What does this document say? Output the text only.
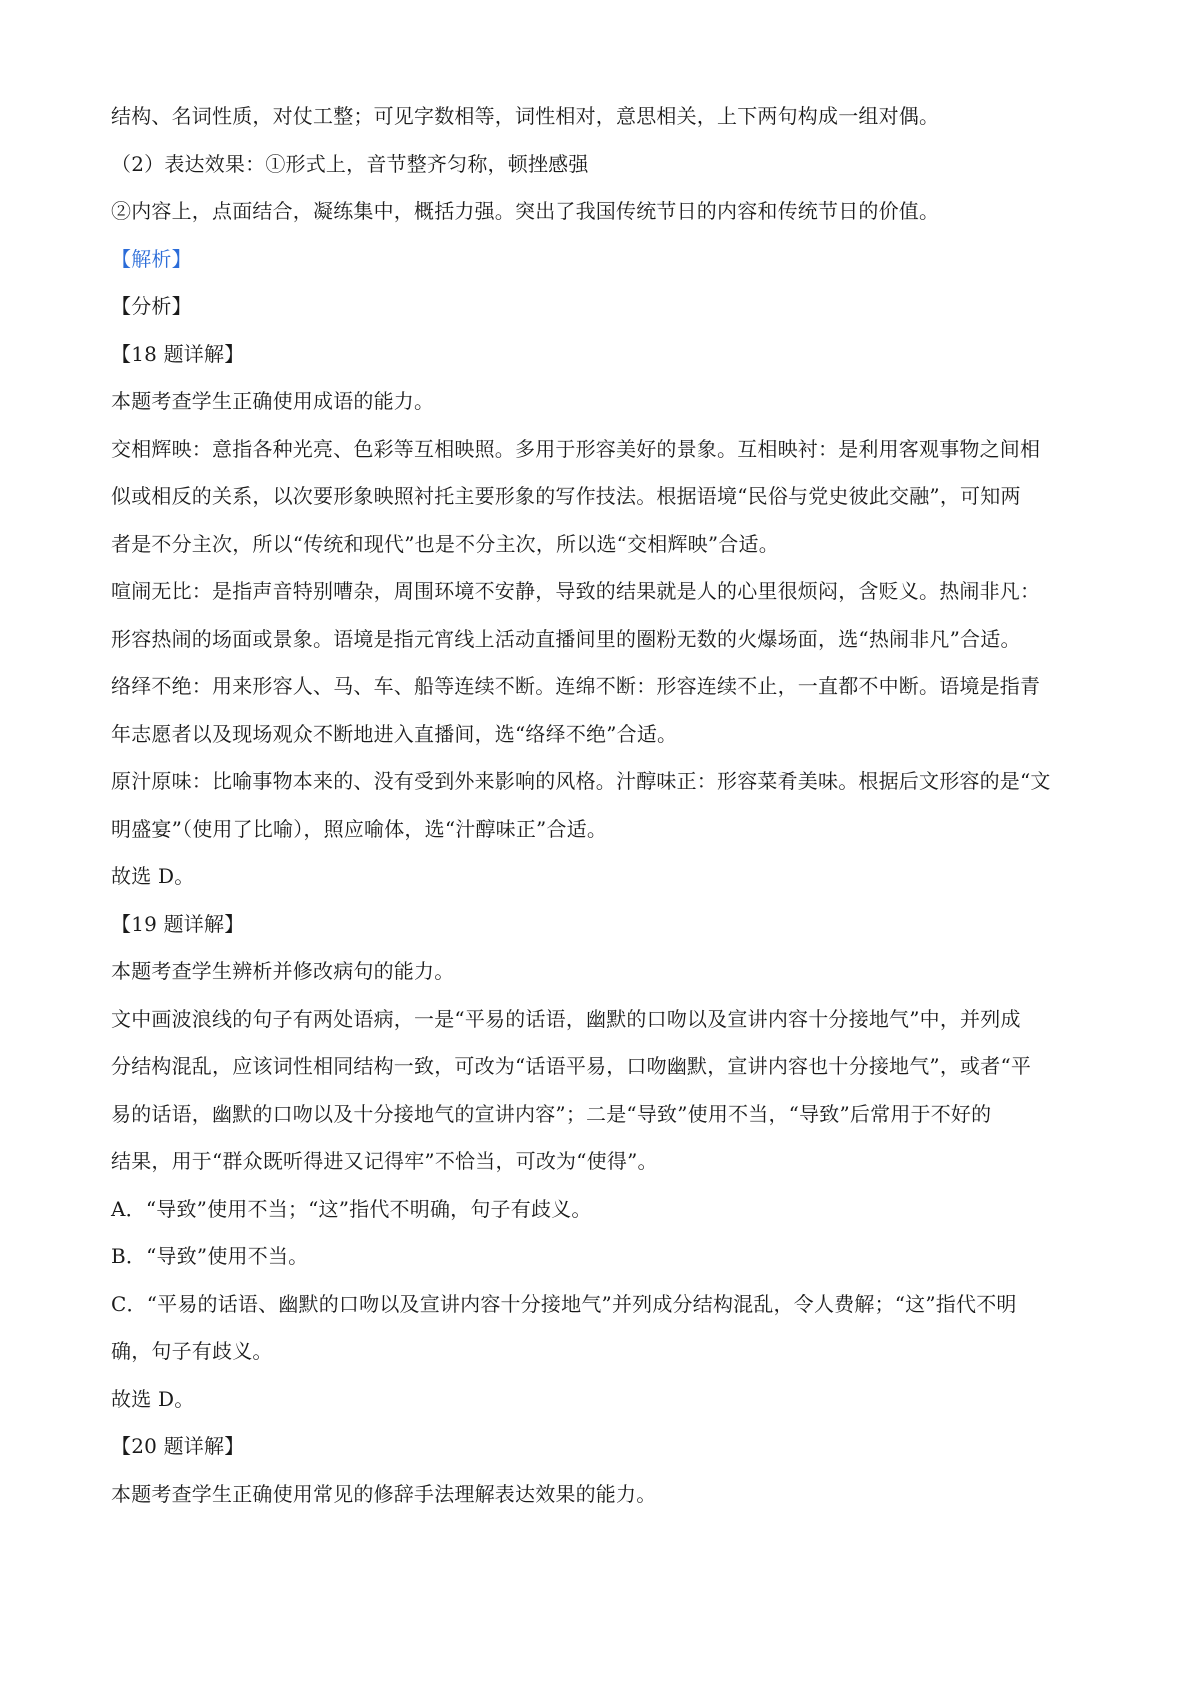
结构、名词性质，对仗工整；可见字数相等，词性相对，意思相关，上下两句构成一组对偶。
（2）表达效果：①形式上，音节整齐匀称，顿挫感强
②内容上，点面结合，凝练集中，概括力强。突出了我国传统节日的内容和传统节日的价值。
【解析】
【分析】
【18 题详解】
本题考查学生正确使用成语的能力。
交相辉映：意指各种光亮、色彩等互相映照。多用于形容美好的景象。互相映衬：是利用客观事物之间相
似或相反的关系，以次要形象映照衬托主要形象的写作技法。根据语境“民俗与党史彼此交融”，可知两
者是不分主次，所以“传统和现代”也是不分主次，所以选“交相辉映”合适。
喧闹无比：是指声音特别嘈杂，周围环境不安静，导致的结果就是人的心里很烦闷，含贬义。热闹非凡：
形容热闹的场面或景象。语境是指元宵线上活动直播间里的圈粉无数的火爆场面，选“热闹非凡”合适。
络绎不绝：用来形容人、马、车、船等连续不断。连绵不断：形容连续不止，一直都不中断。语境是指青
年志愿者以及现场观众不断地进入直播间，选“络绎不绝”合适。
原汁原味：比喻事物本来的、没有受到外来影响的风格。汁醇味正：形容菜肴美味。根据后文形容的是“文
明盛宴”（使用了比喻），照应喻体，选“汁醇味正”合适。
故选 D。
【19 题详解】
本题考查学生辨析并修改病句的能力。
文中画波浪线的句子有两处语病，一是“平易的话语，幽默的口吻以及宣讲内容十分接地气”中，并列成
分结构混乱，应该词性相同结构一致，可改为“话语平易，口吻幽默，宣讲内容也十分接地气”，或者“平
易的话语，幽默的口吻以及十分接地气的宣讲内容”；二是“导致”使用不当，“导致”后常用于不好的
结果，用于“群众既听得进又记得牢”不恰当，可改为“使得”。
A．“导致”使用不当；“这”指代不明确，句子有歧义。
B．“导致”使用不当。
C．“平易的话语、幽默的口吻以及宣讲内容十分接地气”并列成分结构混乱，令人费解；“这”指代不明
确，句子有歧义。
故选 D。
【20 题详解】
本题考查学生正确使用常见的修辞手法理解表达效果的能力。
